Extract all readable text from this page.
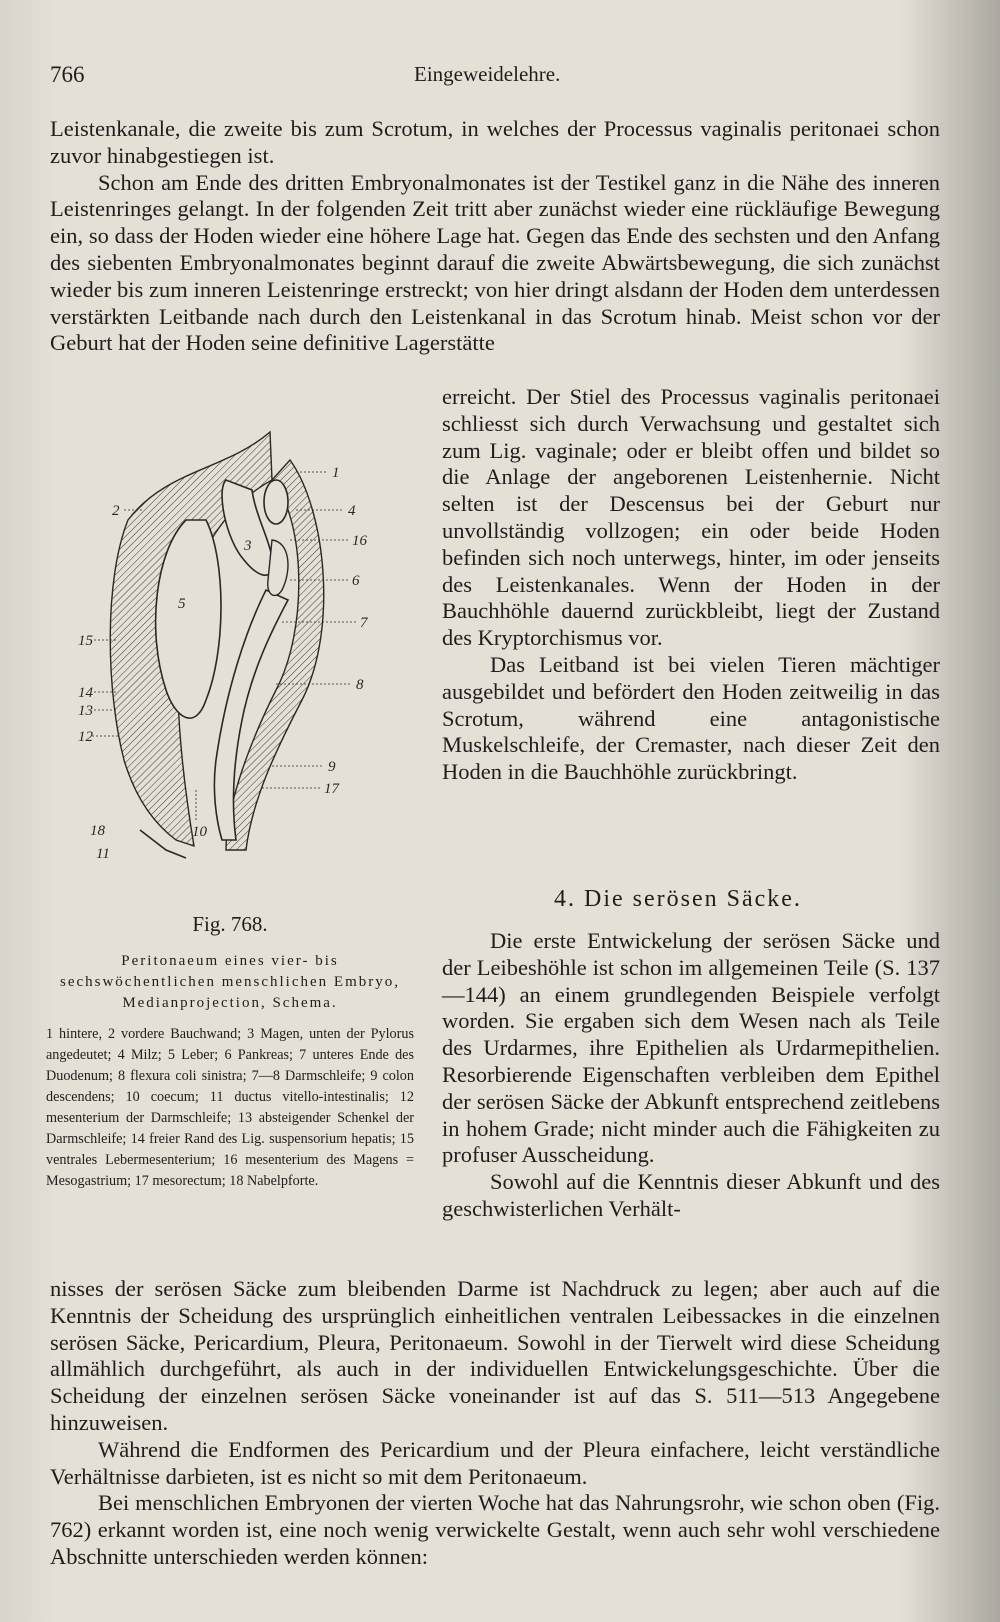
766	Eingeweidelehre.

Leistenkanale, die zweite bis zum Scrotum, in welches der Processus vaginalis peritonaei schon zuvor hinabgestiegen ist.

Schon am Ende des dritten Embryonalmonates ist der Testikel ganz in die Nähe des inneren Leistenringes gelangt. In der folgenden Zeit tritt aber zunächst wieder eine rückläufige Bewegung ein, so dass der Hoden wieder eine höhere Lage hat. Gegen das Ende des sechsten und den Anfang des siebenten Embryonalmonates beginnt darauf die zweite Abwärtsbewegung, die sich zunächst wieder bis zum inneren Leistenringe erstreckt; von hier dringt alsdann der Hoden dem unterdessen verstärkten Leitbande nach durch den Leistenkanal in das Scrotum hinab. Meist schon vor der Geburt hat der Hoden seine definitive Lagerstätte

erreicht. Der Stiel des Processus vaginalis peritonaei schliesst sich durch Verwachsung und gestaltet sich zum Lig. vaginale; oder er bleibt offen und bildet so die Anlage der angeborenen Leistenhernie. Nicht selten ist der Descensus bei der Geburt nur unvollständig vollzogen; ein oder beide Hoden befinden sich noch unterwegs, hinter, im oder jenseits des Leistenkanales. Wenn der Hoden in der Bauchhöhle dauernd zurückbleibt, liegt der Zustand des Kryptorchismus vor.

Das Leitband ist bei vielen Tieren mächtiger ausgebildet und befördert den Hoden zeitweilig in das Scrotum, während eine antagonistische Muskelschleife, der Cremaster, nach dieser Zeit den Hoden in die Bauchhöhle zurückbringt.

1
4
16
6
7
8
9
17
2
3
5
15
14
13
12
18	10
11

Fig. 768.

Peritonaeum eines vier- bis sechswöchentlichen menschlichen Embryo, Medianprojection, Schema.

1 hintere, 2 vordere Bauchwand; 3 Magen, unten der Pylorus angedeutet; 4 Milz; 5 Leber; 6 Pankreas; 7 unteres Ende des Duodenum; 8 flexura coli sinistra; 7—8 Darmschleife; 9 colon descendens; 10 coecum; 11 ductus vitello-intestinalis; 12 mesenterium der Darmschleife; 13 absteigender Schenkel der Darmschleife; 14 freier Rand des Lig. suspensorium hepatis; 15 ventrales Lebermesenterium; 16 mesenterium des Magens = Mesogastrium; 17 mesorectum; 18 Nabelpforte.

4. Die serösen Säcke.

Die erste Entwickelung der serösen Säcke und der Leibeshöhle ist schon im allgemeinen Teile (S. 137—144) an einem grundlegenden Beispiele verfolgt worden. Sie ergaben sich dem Wesen nach als Teile des Urdarmes, ihre Epithelien als Urdarmepithelien. Resorbierende Eigenschaften verbleiben dem Epithel der serösen Säcke der Abkunft entsprechend zeitlebens in hohem Grade; nicht minder auch die Fähigkeiten zu profuser Ausscheidung.

Sowohl auf die Kenntnis dieser Abkunft und des geschwisterlichen Verhält-

nisses der serösen Säcke zum bleibenden Darme ist Nachdruck zu legen; aber auch auf die Kenntnis der Scheidung des ursprünglich einheitlichen ventralen Leibessackes in die einzelnen serösen Säcke, Pericardium, Pleura, Peritonaeum. Sowohl in der Tierwelt wird diese Scheidung allmählich durchgeführt, als auch in der individuellen Entwickelungsgeschichte. Über die Scheidung der einzelnen serösen Säcke voneinander ist auf das S. 511—513 Angegebene hinzuweisen.

Während die Endformen des Pericardium und der Pleura einfachere, leicht verständliche Verhältnisse darbieten, ist es nicht so mit dem Peritonaeum.

Bei menschlichen Embryonen der vierten Woche hat das Nahrungsrohr, wie schon oben (Fig. 762) erkannt worden ist, eine noch wenig verwickelte Gestalt, wenn auch sehr wohl verschiedene Abschnitte unterschieden werden können:
